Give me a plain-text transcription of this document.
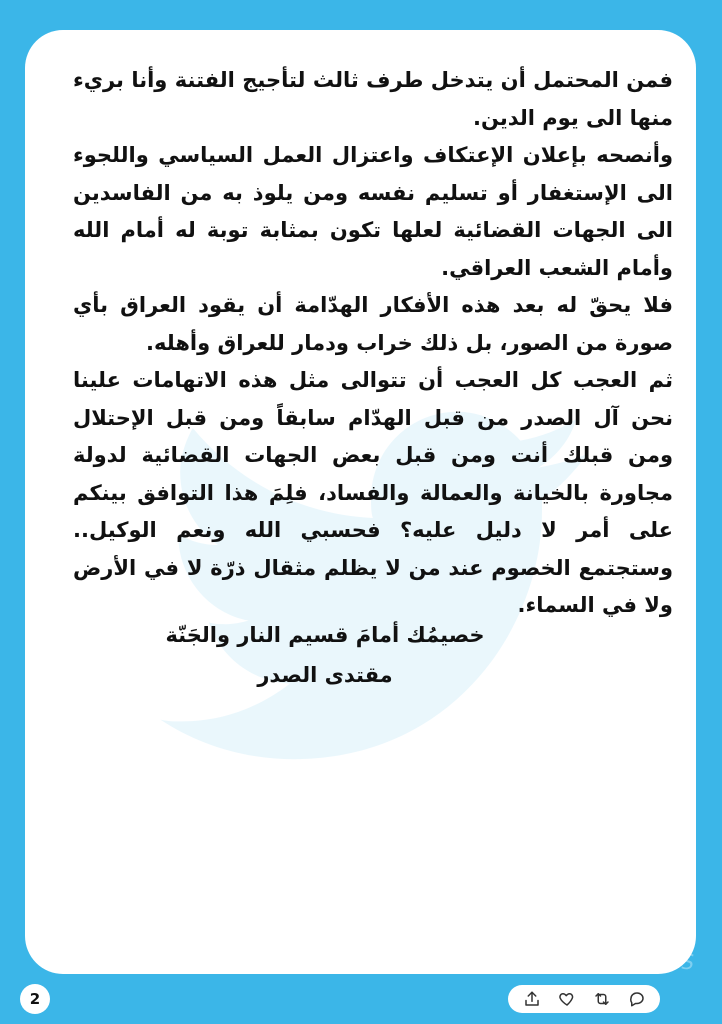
فمن المحتمل أن يتدخل طرف ثالث لتأجيج الفتنة وأنا بريء منها الى يوم الدين.

وأنصحه بإعلان الإعتكاف واعتزال العمل السياسي واللجوء الى الإستغفار أو تسليم نفسه ومن يلوذ به من الفاسدين الى الجهات القضائية لعلها تكون بمثابة توبة له أمام الله وأمام الشعب العراقي.

فلا يحقّ له بعد هذه الأفكار الهدّامة أن يقود العراق بأي صورة من الصور، بل ذلك خراب ودمار للعراق وأهله.

ثم العجب كل العجب أن تتوالى مثل هذه الاتهامات علينا نحن آل الصدر من قبل الهدّام سابقاً ومن قبل الإحتلال ومن قبلك أنت ومن قبل بعض الجهات القضائية لدولة مجاورة بالخيانة والعمالة والفساد، فلِمَ هذا التوافق بينكم على أمر لا دليل عليه؟ فحسبي الله ونعم الوكيل.. وستجتمع الخصوم عند من لا يظلم مثقال ذرّة لا في الأرض ولا في السماء.

خصيمُك أمامَ قسيم النار والجَنّة
مقتدى الصدر
IQ NEWS
2
